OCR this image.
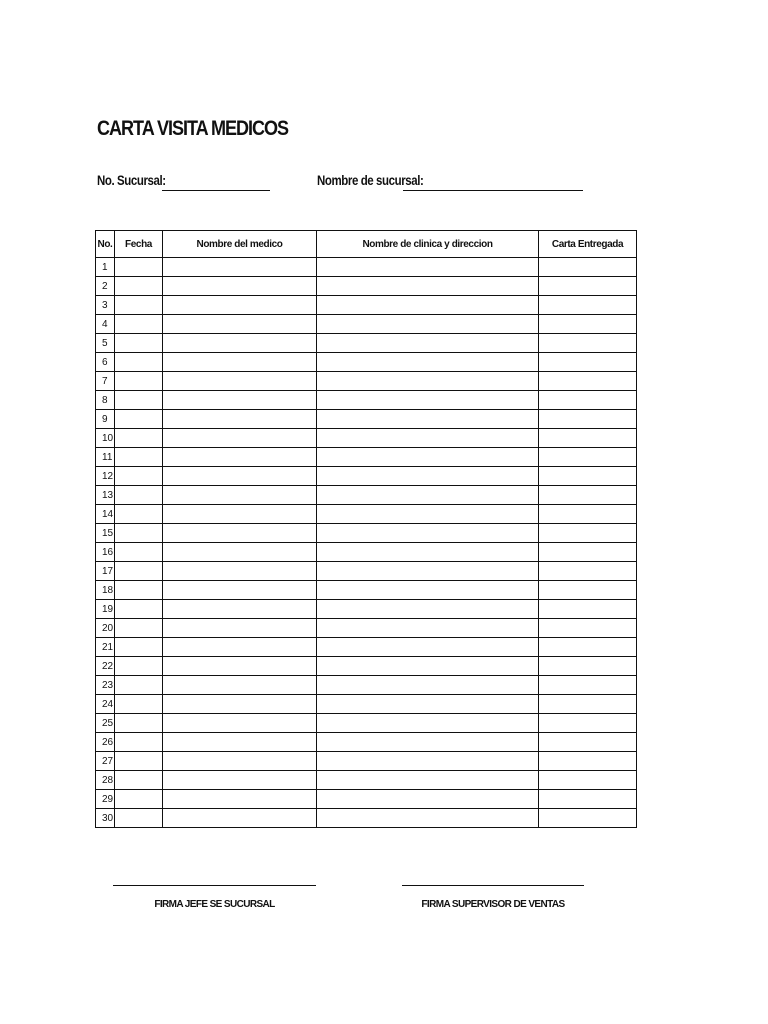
CARTA VISITA MEDICOS
No. Sucursal:	Nombre de sucursal:
No.	Fecha	Nombre del medico	Nombre de clinica y direccion	Carta Entregada
1				
2				
3				
4				
5				
6				
7				
8				
9				
10				
11				
12				
13				
14				
15				
16				
17				
18				
19				
20				
21				
22				
23				
24				
25				
26				
27				
28				
29				
30				
FIRMA JEFE SE SUCURSAL	FIRMA SUPERVISOR DE VENTAS
